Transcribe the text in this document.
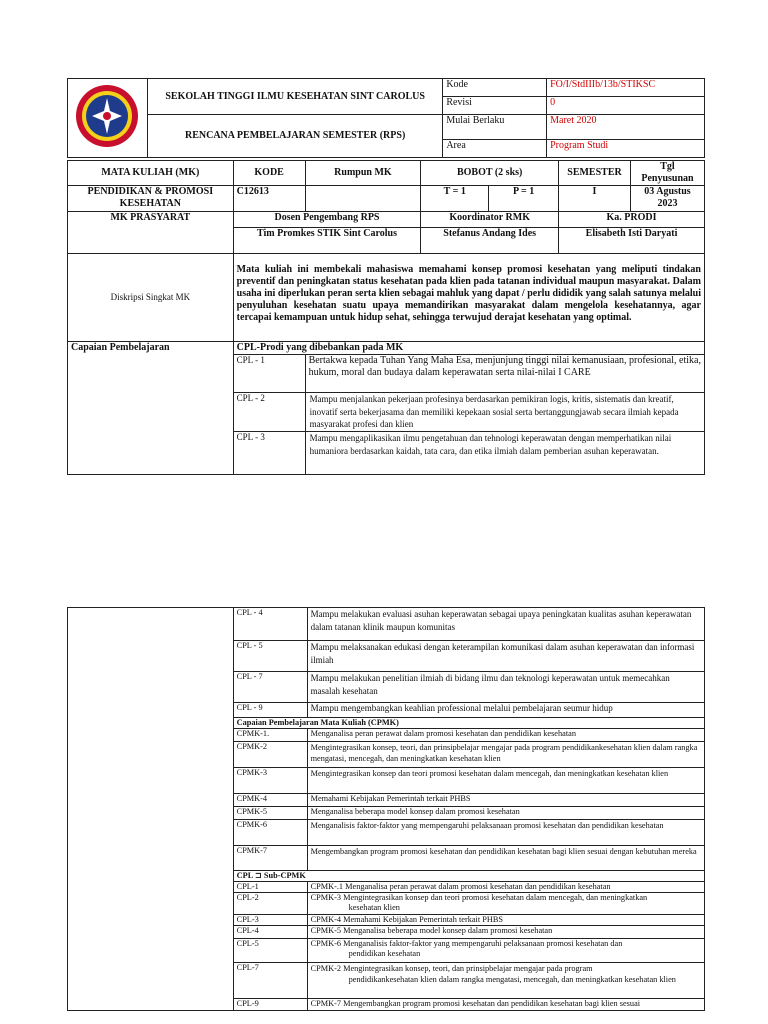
	SEKOLAH TINGGI ILMU KESEHATAN SINT CAROLUS	Kode	FO/I/StdIIIb/13b/STIKSC
		Revisi	0
	RENCANA PEMBELAJARAN SEMESTER (RPS)	Mulai Berlaku	Maret 2020
		Area	Program Studi
MATA KULIAH (MK)	KODE	Rumpun MK	BOBOT (2 sks)		SEMESTER	Tgl Penyusunan
PENDIDIKAN & PROMOSI KESEHATAN	C12613		T = 1	P = 1	I	03 Agustus 2023
MK PRASYARAT	Dosen Pengembang RPS		Koordinator RMK		Ka. PRODI	
	Tim Promkes STIK Sint Carolus		Stefanus Andang Ides		Elisabeth Isti Daryati	
Diskripsi Singkat MK	Mata kuliah ini membekali mahasiswa memahami konsep promosi kesehatan yang meliputi tindakan preventif dan peningkatan status kesehatan pada klien pada tatanan individual maupun masyarakat. Dalam usaha ini diperlukan peran serta klien sebagai mahluk yang dapat / perlu dididik yang salah satunya melalui penyuluhan kesehatan suatu upaya memandirikan masyarakat dalam mengelola kesehatannya, agar tercapai kemampuan untuk hidup sehat, sehingga terwujud derajat kesehatan yang optimal.					
Capaian Pembelajaran	CPL-Prodi yang dibebankan pada MK					
	CPL - 1	Bertakwa kepada Tuhan Yang Maha Esa, menjunjung tinggi nilai kemanusiaan, profesional, etika, hukum, moral dan budaya dalam keperawatan serta nilai-nilai I CARE				
	CPL - 2	Mampu menjalankan pekerjaan profesinya berdasarkan pemikiran logis, kritis, sistematis dan kreatif, inovatif serta bekerjasama dan memiliki kepekaan sosial serta bertanggungjawab secara ilmiah kepada masyarakat profesi dan klien				
	CPL - 3	Mampu mengaplikasikan ilmu pengetahuan dan tehnologi keperawatan dengan memperhatikan nilai humaniora berdasarkan kaidah, tata cara, dan etika ilmiah dalam pemberian asuhan keperawatan.				
	CPL - 4	Mampu melakukan evaluasi asuhan keperawatan sebagai upaya peningkatan kualitas asuhan keperawatan dalam tatanan klinik maupun komunitas
	CPL - 5	Mampu melaksanakan edukasi dengan keterampilan komunikasi dalam asuhan keperawatan dan informasi ilmiah
	CPL - 7	Mampu melakukan penelitian ilmiah di bidang ilmu dan teknologi keperawatan untuk memecahkan masalah kesehatan
	CPL - 9	Mampu mengembangkan keahlian professional melalui pembelajaran seumur hidup
	Capaian Pembelajaran Mata Kuliah (CPMK)	
	CPMK-1.	Menganalisa peran perawat dalam promosi kesehatan dan pendidikan kesehatan
	CPMK-2	Mengintegrasikan konsep, teori, dan prinsipbelajar mengajar pada program pendidikankesehatan klien dalam rangka mengatasi, mencegah, dan meningkatkan kesehatan klien
	CPMK-3	Mengintegrasikan konsep dan teori promosi kesehatan dalam mencegah, dan meningkatkan kesehatan klien
	CPMK-4	Memahami Kebijakan Pemerintah terkait PHBS
	CPMK-5	Menganalisa beberapa model konsep dalam promosi kesehatan
	CPMK-6	Menganalisis faktor-faktor yang mempengaruhi pelaksanaan promosi kesehatan dan pendidikan kesehatan
	CPMK-7	Mengembangkan program promosi kesehatan dan pendidikan kesehatan bagi klien sesuai dengan kebutuhan mereka
	CPL ⊐ Sub-CPMK	
	CPL-1	CPMK-.1 Menganalisa peran perawat dalam promosi kesehatan dan pendidikan kesehatan
	CPL-2	CPMK-3 Mengintegrasikan konsep dan teori promosi kesehatan dalam mencegah, dan meningkatkan
kesehatan klien

	CPL-3	CPMK-4 Memahami Kebijakan Pemerintah terkait PHBS
	CPL-4	CPMK-5 Menganalisa beberapa model konsep dalam promosi kesehatan
	CPL-5	CPMK-6 Menganalisis faktor-faktor yang mempengaruhi pelaksanaan promosi kesehatan dan
pendidikan kesehatan

	CPL-7	CPMK-2 Mengintegrasikan konsep, teori, dan prinsipbelajar mengajar pada program
pendidikankesehatan klien dalam rangka mengatasi, mencegah, dan meningkatkan kesehatan klien

	CPL-9	CPMK-7 Mengembangkan program promosi kesehatan dan pendidikan kesehatan bagi klien sesuai
